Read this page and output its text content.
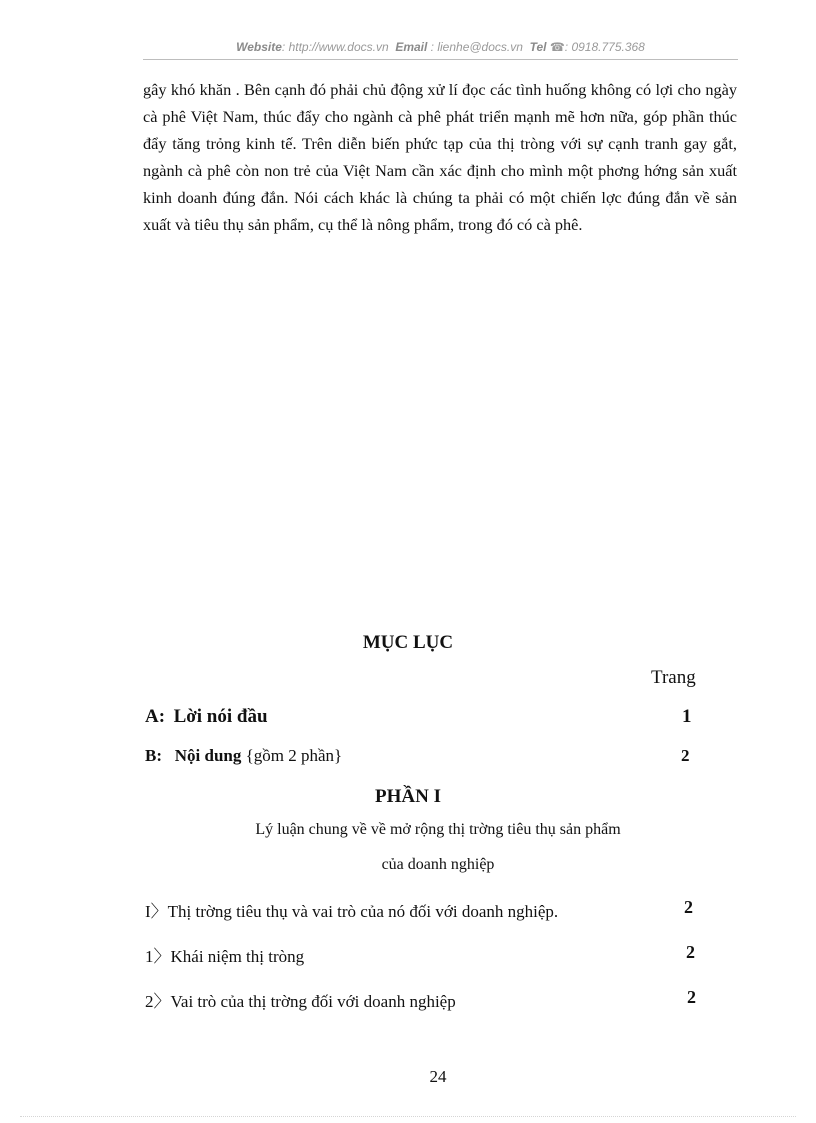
Website: http://www.docs.vn Email : lienhe@docs.vn Tel ☎: 0918.775.368

gây khó khăn . Bên cạnh đó phải chủ động xử lí đọc các tình huống không có lợi cho ngày cà phê Việt Nam, thúc đẩy cho ngành cà phê phát triển mạnh mẽ hơn nữa, góp phần thúc đẩy tăng trỏng kinh tế. Trên diễn biến phức tạp của thị tròng với sự cạnh tranh gay gắt, ngành cà phê còn non trẻ của Việt Nam cần xác định cho mình một phơng hớng sản xuất kinh doanh đúng đắn. Nói cách khác là chúng ta phải có một chiến lợc đúng đắn về sản xuất và tiêu thụ sản phẩm, cụ thể là nông phẩm, trong đó có cà phê.

MỤC LỤC
Trang
A: Lời nói đầu	1
B: Nội dung {gồm 2 phần}	2
PHẦN I

Lý luận chung về về mở rộng thị trờng tiêu thụ sản phẩm

của doanh nghiệp

I〉Thị trờng tiêu thụ và vai trò của nó đối với doanh nghiệp.	2
1〉Khái niệm thị tròng	2
2〉Vai trò của thị trờng đối với doanh nghiệp	2
24
